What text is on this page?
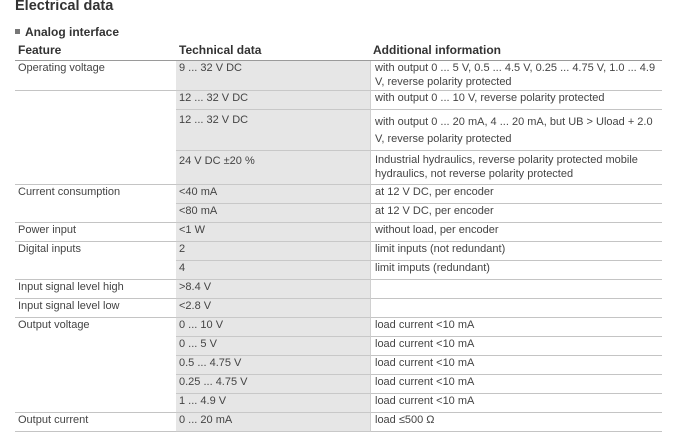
Electrical data
Analog interface
Feature	Technical data	Additional information
Operating voltage	9 ... 32 V DC	with output 0 ... 5 V, 0.5 ... 4.5 V, 0.25 ... 4.75 V, 1.0 ... 4.9 V, reverse polarity protected
12 ... 32 V DC	with output 0 ... 10 V, reverse polarity protected
12 ... 32 V DC	with output 0 ... 20 mA, 4 ... 20 mA, but UB > Uload + 2.0 V, reverse polarity protected
24 V DC ±20 %	Industrial hydraulics, reverse polarity protected mobile hydraulics, not reverse polarity protected
Current consumption	<40 mA	at 12 V DC, per encoder
<80 mA	at 12 V DC, per encoder
Power input	<1 W	without load, per encoder
Digital inputs	2	limit inputs (not redundant)
4	limit imputs (redundant)
Input signal level high	>8.4 V
Input signal level low	<2.8 V
Output voltage	0 ... 10 V	load current <10 mA
0 ... 5 V	load current <10 mA
0.5 ... 4.75 V	load current <10 mA
0.25 ... 4.75 V	load current <10 mA
1 ... 4.9 V	load current <10 mA
Output current	0 ... 20 mA	load ≤500 Ω
